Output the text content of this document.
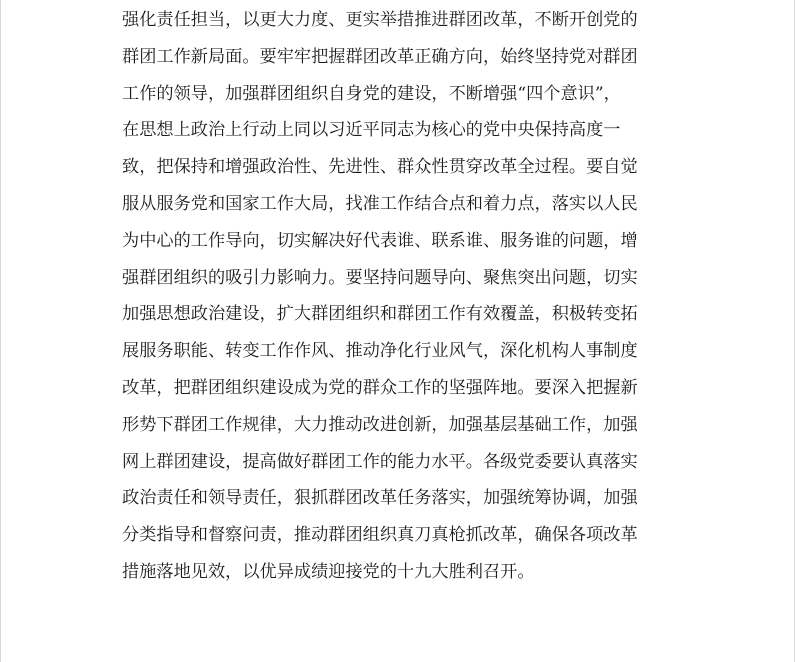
强化责任担当，以更大力度、更实举措推进群团改革，不断开创党的
群团工作新局面。要牢牢把握群团改革正确方向，始终坚持党对群团
工作的领导，加强群团组织自身党的建设，不断增强“四个意识”，
在思想上政治上行动上同以习近平同志为核心的党中央保持高度一
致，把保持和增强政治性、先进性、群众性贯穿改革全过程。要自觉
服从服务党和国家工作大局，找准工作结合点和着力点，落实以人民
为中心的工作导向，切实解决好代表谁、联系谁、服务谁的问题，增
强群团组织的吸引力影响力。要坚持问题导向、聚焦突出问题，切实
加强思想政治建设，扩大群团组织和群团工作有效覆盖，积极转变拓
展服务职能、转变工作作风、推动净化行业风气，深化机构人事制度
改革，把群团组织建设成为党的群众工作的坚强阵地。要深入把握新
形势下群团工作规律，大力推动改进创新，加强基层基础工作，加强
网上群团建设，提高做好群团工作的能力水平。各级党委要认真落实
政治责任和领导责任，狠抓群团改革任务落实，加强统筹协调，加强
分类指导和督察问责，推动群团组织真刀真枪抓改革，确保各项改革
措施落地见效，以优异成绩迎接党的十九大胜利召开。
